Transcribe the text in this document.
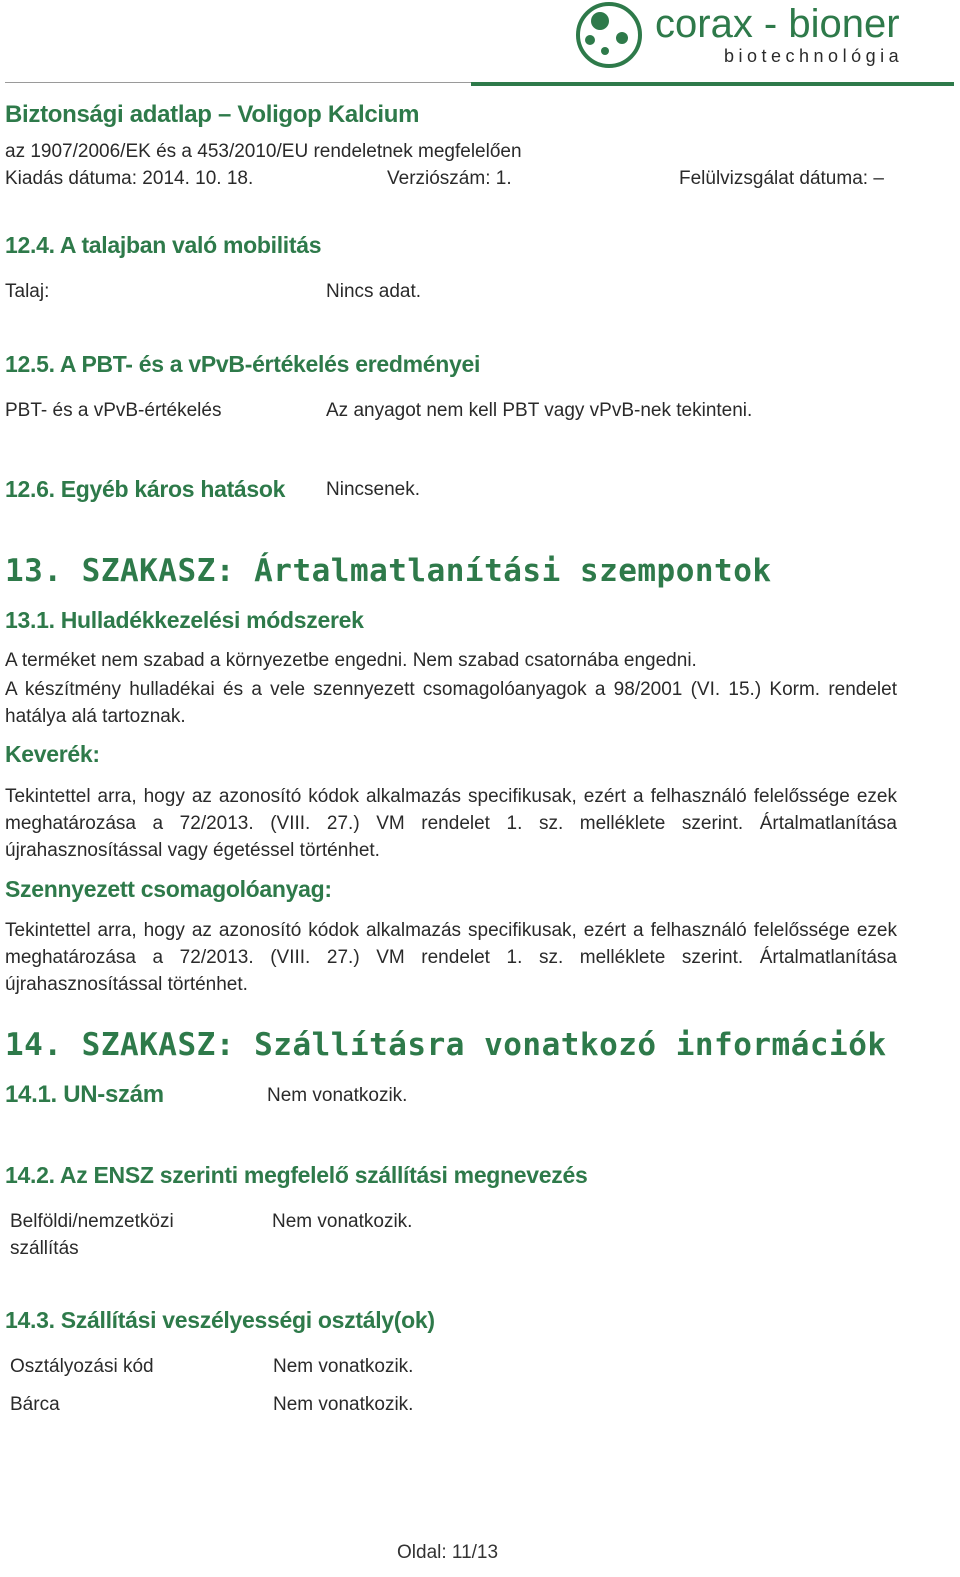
corax - bioner
biotechnológia
Biztonsági adatlap – Voligop Kalcium
az 1907/2006/EK és a 453/2010/EU rendeletnek megfelelően
Kiadás dátuma: 2014. 10. 18.	Verziószám: 1.	Felülvizsgálat dátuma: –
12.4. A talajban való mobilitás
Talaj:	Nincs adat.
12.5. A PBT- és a vPvB-értékelés eredményei
PBT- és a vPvB-értékelés	Az anyagot nem kell PBT vagy vPvB-nek tekinteni.
12.6. Egyéb káros hatások Nincsenek.
13. SZAKASZ: Ártalmatlanítási szempontok
13.1. Hulladékkezelési módszerek
A terméket nem szabad a környezetbe engedni. Nem szabad csatornába engedni.
A készítmény hulladékai és a vele szennyezett csomagolóanyagok a 98/2001 (VI. 15.) Korm. rendelet hatálya alá tartoznak.
Keverék:
Tekintettel arra, hogy az azonosító kódok alkalmazás specifikusak, ezért a felhasználó felelőssége ezek meghatározása a 72/2013. (VIII. 27.) VM rendelet 1. sz. melléklete szerint. Ártalmatlanítása újrahasznosítással vagy égetéssel történhet.
Szennyezett csomagolóanyag:
Tekintettel arra, hogy az azonosító kódok alkalmazás specifikusak, ezért a felhasználó felelőssége ezek meghatározása a 72/2013. (VIII. 27.) VM rendelet 1. sz. melléklete szerint. Ártalmatlanítása újrahasznosítással történhet.
14. SZAKASZ: Szállításra vonatkozó információk
14.1. UN-szám	Nem vonatkozik.
14.2. Az ENSZ szerinti megfelelő szállítási megnevezés
Belföldi/nemzetközi
szállítás
Nem vonatkozik.
14.3. Szállítási veszélyességi osztály(ok)
Osztályozási kód	Nem vonatkozik.
Bárca	Nem vonatkozik.
Oldal: 11/13
